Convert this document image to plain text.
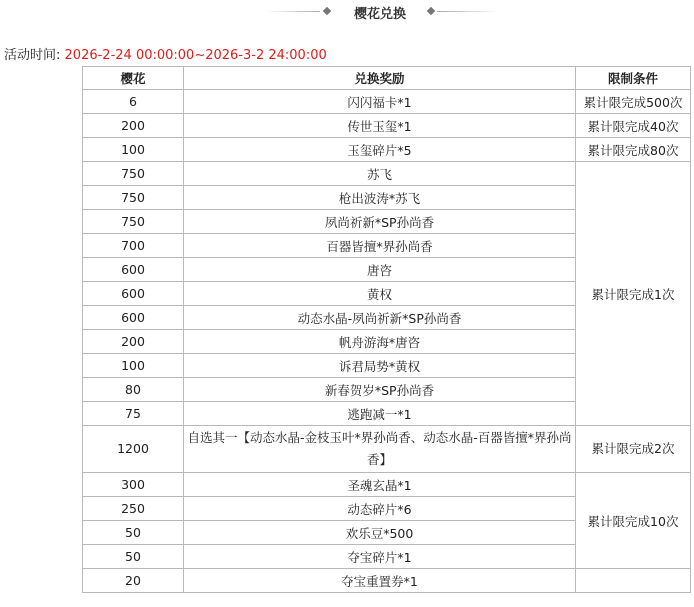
樱花兑换
活动时间: 2026-2-24 00:00:00~2026-3-2 24:00:00
樱花	兑换奖励	限制条件
6	闪闪福卡*1	累计限完成500次
200	传世玉玺*1	累计限完成40次
100	玉玺碎片*5	累计限完成80次
750	苏飞	累计限完成1次
750	枪出波涛*苏飞	
750	夙尚祈新*SP孙尚香	
700	百器皆擅*界孙尚香	
600	唐咨	
600	黄权	
600	动态水晶-夙尚祈新*SP孙尚香	
200	帆舟游海*唐咨	
100	诉君局势*黄权	
80	新春贺岁*SP孙尚香	
75	逃跑减一*1	
1200	自选其一【动态水晶-金枝玉叶*界孙尚香、动态水晶-百器皆擅*界孙尚香】	累计限完成2次
300	圣魂玄晶*1	累计限完成10次
250	动态碎片*6	
50	欢乐豆*500	
50	夺宝碎片*1	
20	夺宝重置券*1	
